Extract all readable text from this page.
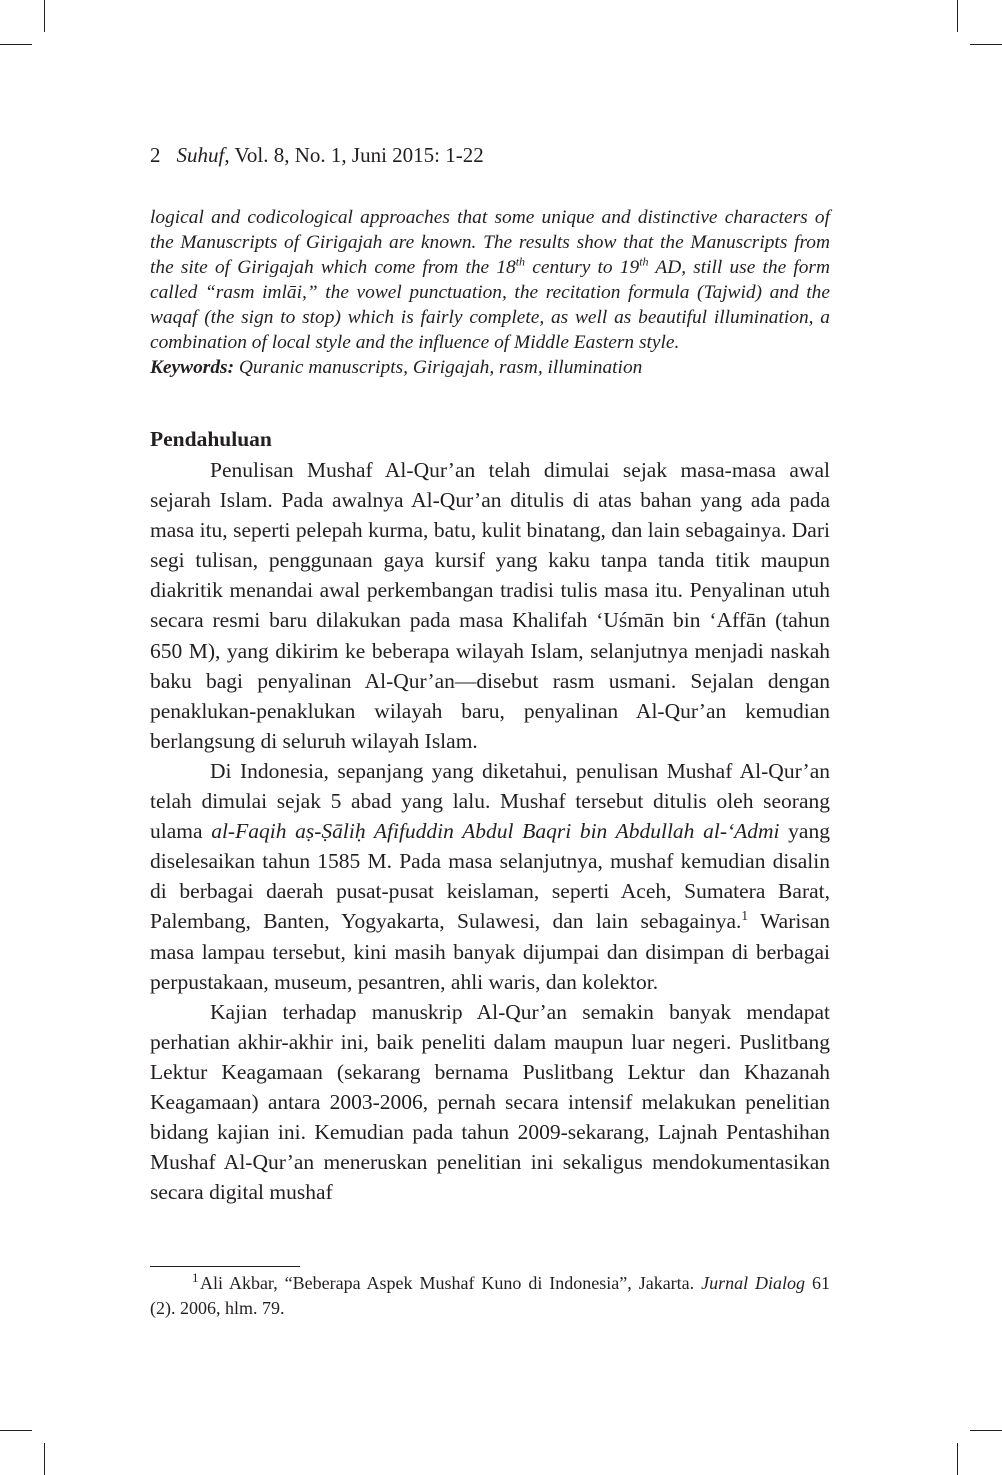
2 Suhuf, Vol. 8, No. 1, Juni 2015: 1-22

logical and codicological approaches that some unique and distinctive characters of the Manuscripts of Girigajah are known. The results show that the Manuscripts from the site of Girigajah which come from the 18th century to 19th AD, still use the form called “rasm imlāi,” the vowel punctuation, the recitation formula (Tajwid) and the waqaf (the sign to stop) which is fairly complete, as well as beautiful illumination, a combination of local style and the influence of Middle Eastern style.

Keywords: Quranic manuscripts, Girigajah, rasm, illumination

Pendahuluan

Penulisan Mushaf Al-Qur’an telah dimulai sejak masa-masa awal sejarah Islam. Pada awalnya Al-Qur’an ditulis di atas bahan yang ada pada masa itu, seperti pelepah kurma, batu, kulit binatang, dan lain sebagainya. Dari segi tulisan, penggunaan gaya kursif yang kaku tanpa tanda titik maupun diakritik menandai awal perkembangan tradisi tulis masa itu. Penyalinan utuh secara resmi baru dilakukan pada masa Khalifah ‘Uśmān bin ‘Affān (tahun 650 M), yang dikirim ke beberapa wilayah Islam, selanjutnya menjadi naskah baku bagi penyalinan Al-Qur’an—disebut rasm usmani. Sejalan dengan penaklukan-penaklukan wilayah baru, penyalinan Al-Qur’an kemudian berlangsung di seluruh wilayah Islam.

Di Indonesia, sepanjang yang diketahui, penulisan Mushaf Al-Qur’an telah dimulai sejak 5 abad yang lalu. Mushaf tersebut ditulis oleh seorang ulama al-Faqih aṣ-Ṣāliḥ Afifuddin Abdul Baqri bin Abdullah al-‘Admi yang diselesaikan tahun 1585 M. Pada masa selanjutnya, mushaf kemudian disalin di berbagai daerah pusat-pusat keislaman, seperti Aceh, Sumatera Barat, Palembang, Banten, Yogyakarta, Sulawesi, dan lain sebagainya.$^1$ Warisan masa lampau tersebut, kini masih banyak dijumpai dan disimpan di berbagai perpustakaan, museum, pesantren, ahli waris, dan kolektor.

Kajian terhadap manuskrip Al-Qur’an semakin banyak mendapat perhatian akhir-akhir ini, baik peneliti dalam maupun luar negeri. Puslitbang Lektur Keagamaan (sekarang bernama Puslitbang Lektur dan Khazanah Keagamaan) antara 2003-2006, pernah secara intensif melakukan penelitian bidang kajian ini. Kemudian pada tahun 2009-sekarang, Lajnah Pentashihan Mushaf Al-Qur’an meneruskan penelitian ini sekaligus mendokumentasikan secara digital mushaf

1Ali Akbar, “Beberapa Aspek Mushaf Kuno di Indonesia”, Jakarta. Jurnal Dialog 61 (2). 2006, hlm. 79.
